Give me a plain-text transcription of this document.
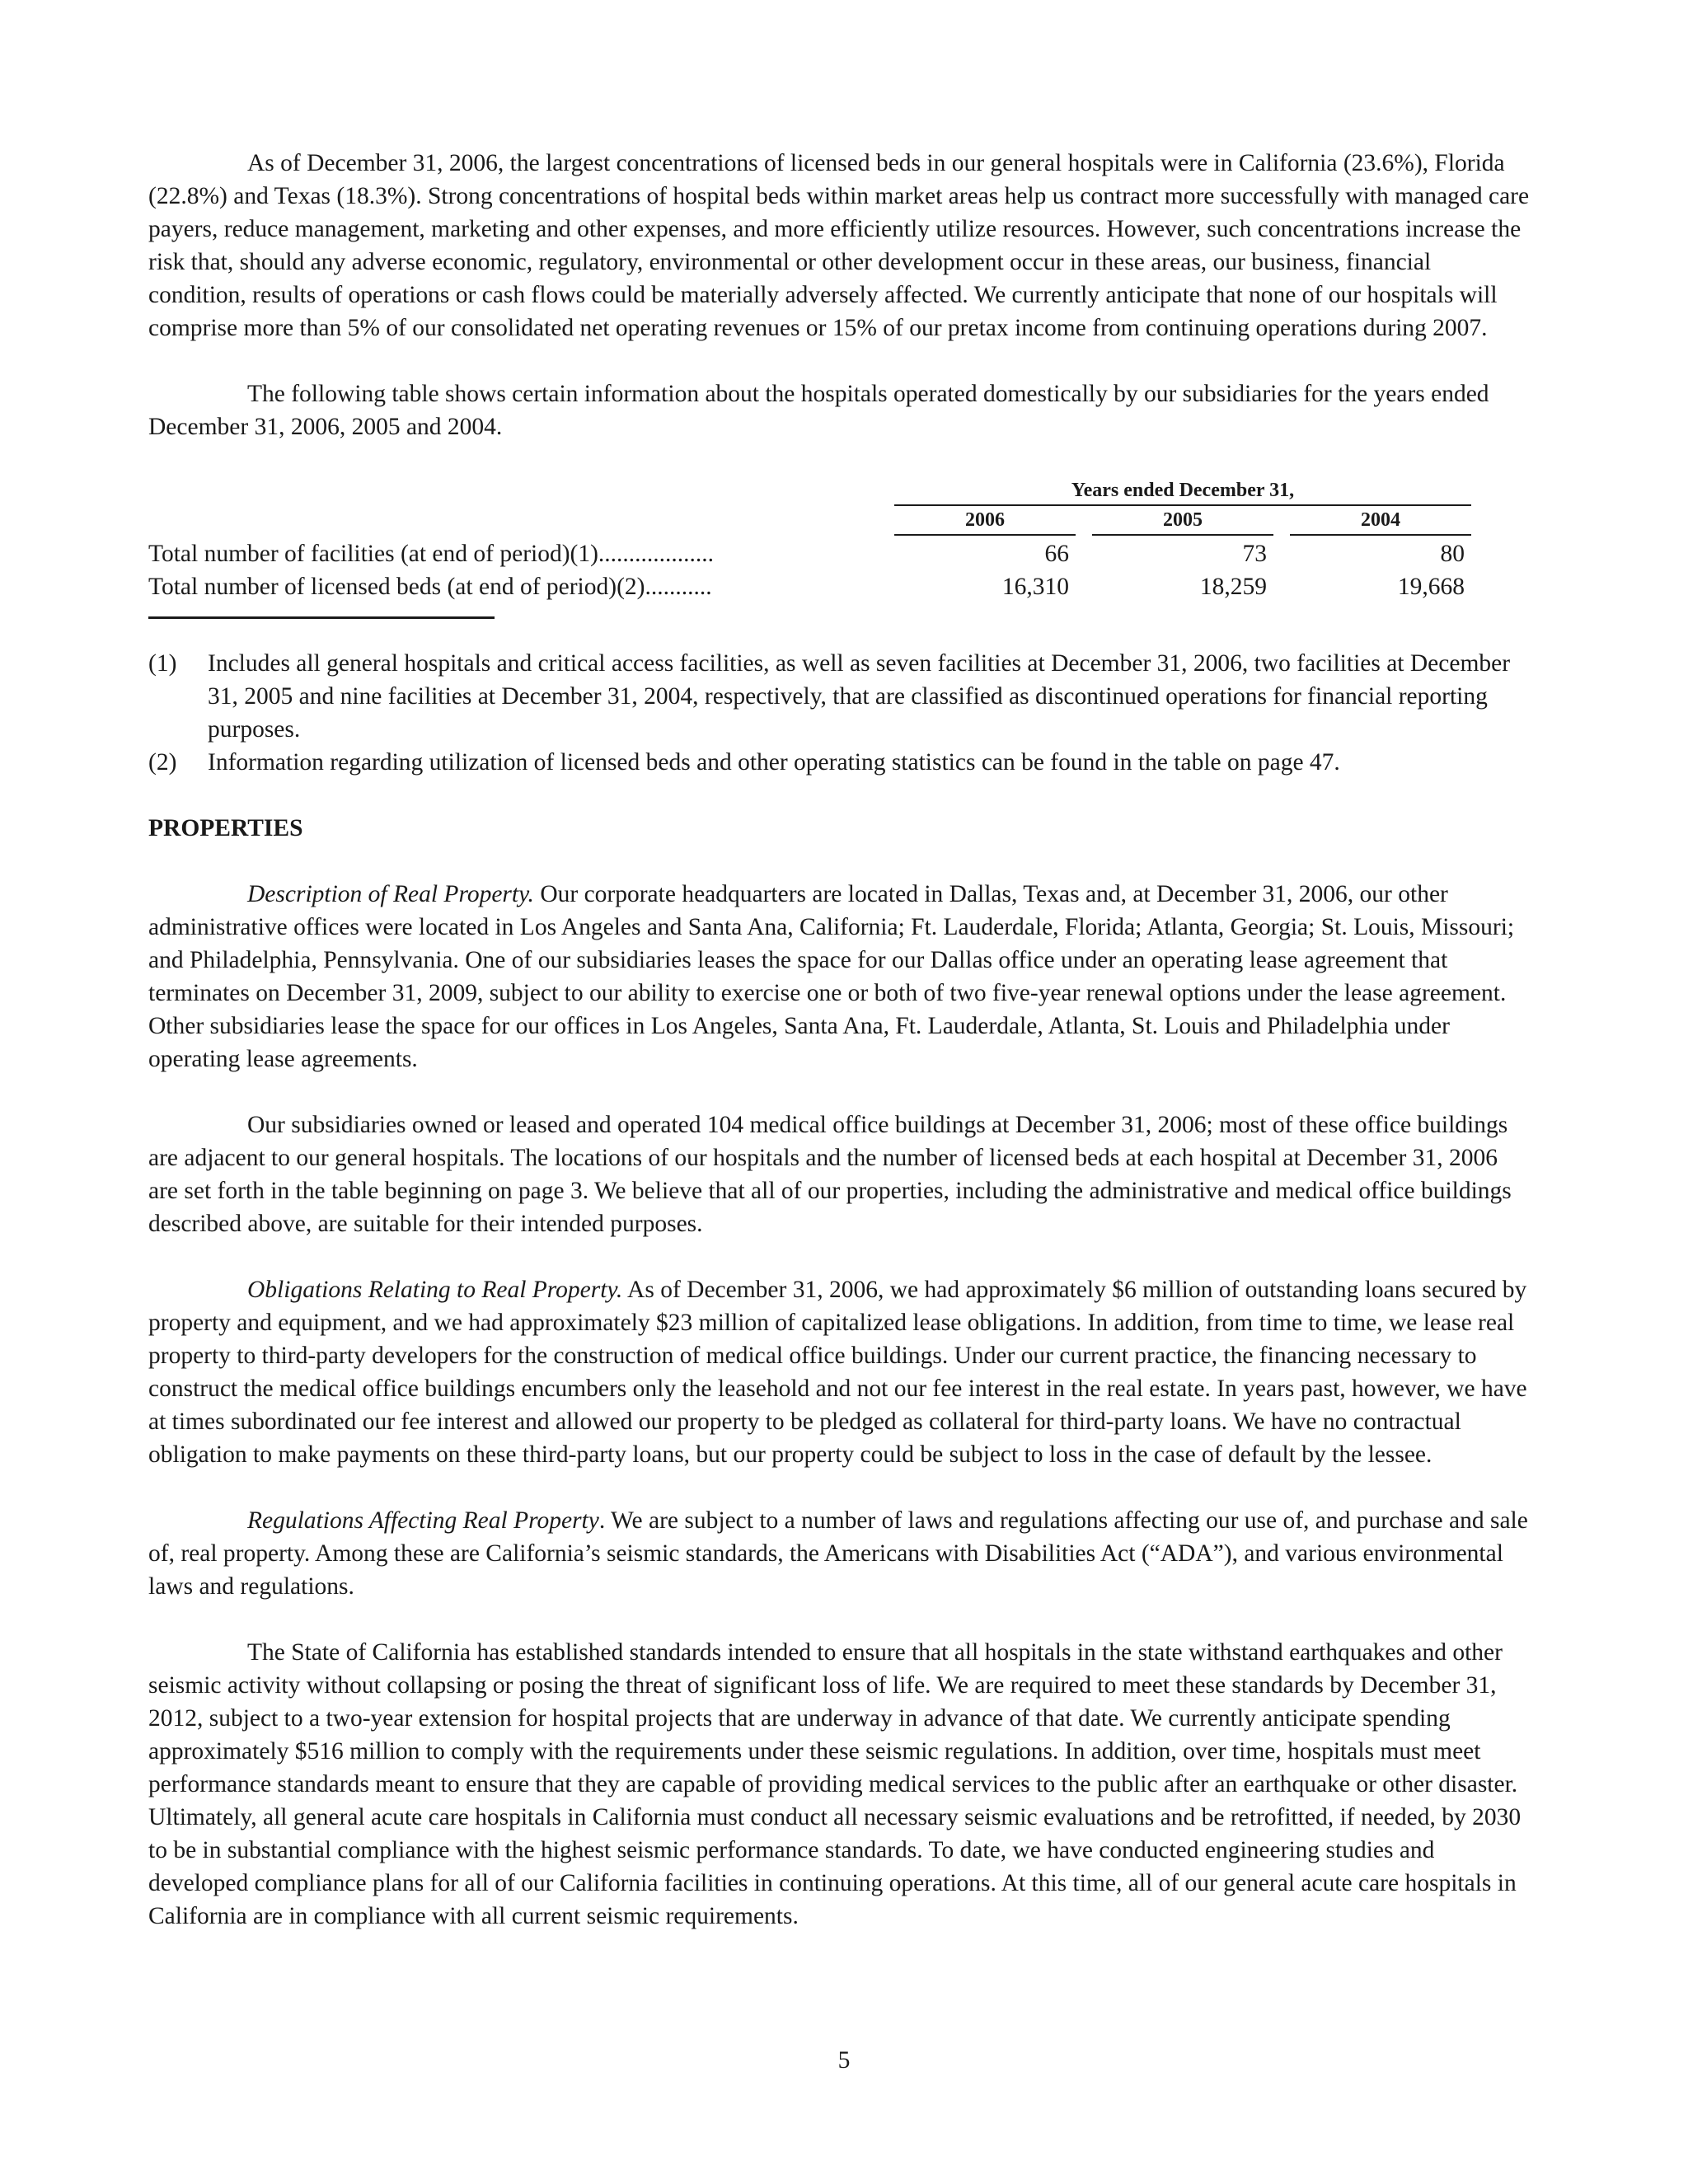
As of December 31, 2006, the largest concentrations of licensed beds in our general hospitals were in California (23.6%), Florida (22.8%) and Texas (18.3%). Strong concentrations of hospital beds within market areas help us contract more successfully with managed care payers, reduce management, marketing and other expenses, and more efficiently utilize resources. However, such concentrations increase the risk that, should any adverse economic, regulatory, environmental or other development occur in these areas, our business, financial condition, results of operations or cash flows could be materially adversely affected. We currently anticipate that none of our hospitals will comprise more than 5% of our consolidated net operating revenues or 15% of our pretax income from continuing operations during 2007.

The following table shows certain information about the hospitals operated domestically by our subsidiaries for the years ended December 31, 2006, 2005 and 2004.

Years ended December 31,
2006	2005	2004
Total number of facilities (at end of period)(1)...................	66	73	80
Total number of licensed beds (at end of period)(2)...........	16,310	18,259	19,668
(1) Includes all general hospitals and critical access facilities, as well as seven facilities at December 31, 2006, two facilities at December 31, 2005 and nine facilities at December 31, 2004, respectively, that are classified as discontinued operations for financial reporting purposes.
(2) Information regarding utilization of licensed beds and other operating statistics can be found in the table on page 47.
PROPERTIES

Description of Real Property. Our corporate headquarters are located in Dallas, Texas and, at December 31, 2006, our other administrative offices were located in Los Angeles and Santa Ana, California; Ft. Lauderdale, Florida; Atlanta, Georgia; St. Louis, Missouri; and Philadelphia, Pennsylvania. One of our subsidiaries leases the space for our Dallas office under an operating lease agreement that terminates on December 31, 2009, subject to our ability to exercise one or both of two five-year renewal options under the lease agreement. Other subsidiaries lease the space for our offices in Los Angeles, Santa Ana, Ft. Lauderdale, Atlanta, St. Louis and Philadelphia under operating lease agreements.

Our subsidiaries owned or leased and operated 104 medical office buildings at December 31, 2006; most of these office buildings are adjacent to our general hospitals. The locations of our hospitals and the number of licensed beds at each hospital at December 31, 2006 are set forth in the table beginning on page 3. We believe that all of our properties, including the administrative and medical office buildings described above, are suitable for their intended purposes.

Obligations Relating to Real Property. As of December 31, 2006, we had approximately $6 million of outstanding loans secured by property and equipment, and we had approximately $23 million of capitalized lease obligations. In addition, from time to time, we lease real property to third-party developers for the construction of medical office buildings. Under our current practice, the financing necessary to construct the medical office buildings encumbers only the leasehold and not our fee interest in the real estate. In years past, however, we have at times subordinated our fee interest and allowed our property to be pledged as collateral for third-party loans. We have no contractual obligation to make payments on these third-party loans, but our property could be subject to loss in the case of default by the lessee.

Regulations Affecting Real Property. We are subject to a number of laws and regulations affecting our use of, and purchase and sale of, real property. Among these are California’s seismic standards, the Americans with Disabilities Act (“ADA”), and various environmental laws and regulations.

The State of California has established standards intended to ensure that all hospitals in the state withstand earthquakes and other seismic activity without collapsing or posing the threat of significant loss of life. We are required to meet these standards by December 31, 2012, subject to a two-year extension for hospital projects that are underway in advance of that date. We currently anticipate spending approximately $516 million to comply with the requirements under these seismic regulations. In addition, over time, hospitals must meet performance standards meant to ensure that they are capable of providing medical services to the public after an earthquake or other disaster. Ultimately, all general acute care hospitals in California must conduct all necessary seismic evaluations and be retrofitted, if needed, by 2030 to be in substantial compliance with the highest seismic performance standards. To date, we have conducted engineering studies and developed compliance plans for all of our California facilities in continuing operations. At this time, all of our general acute care hospitals in California are in compliance with all current seismic requirements.

5
